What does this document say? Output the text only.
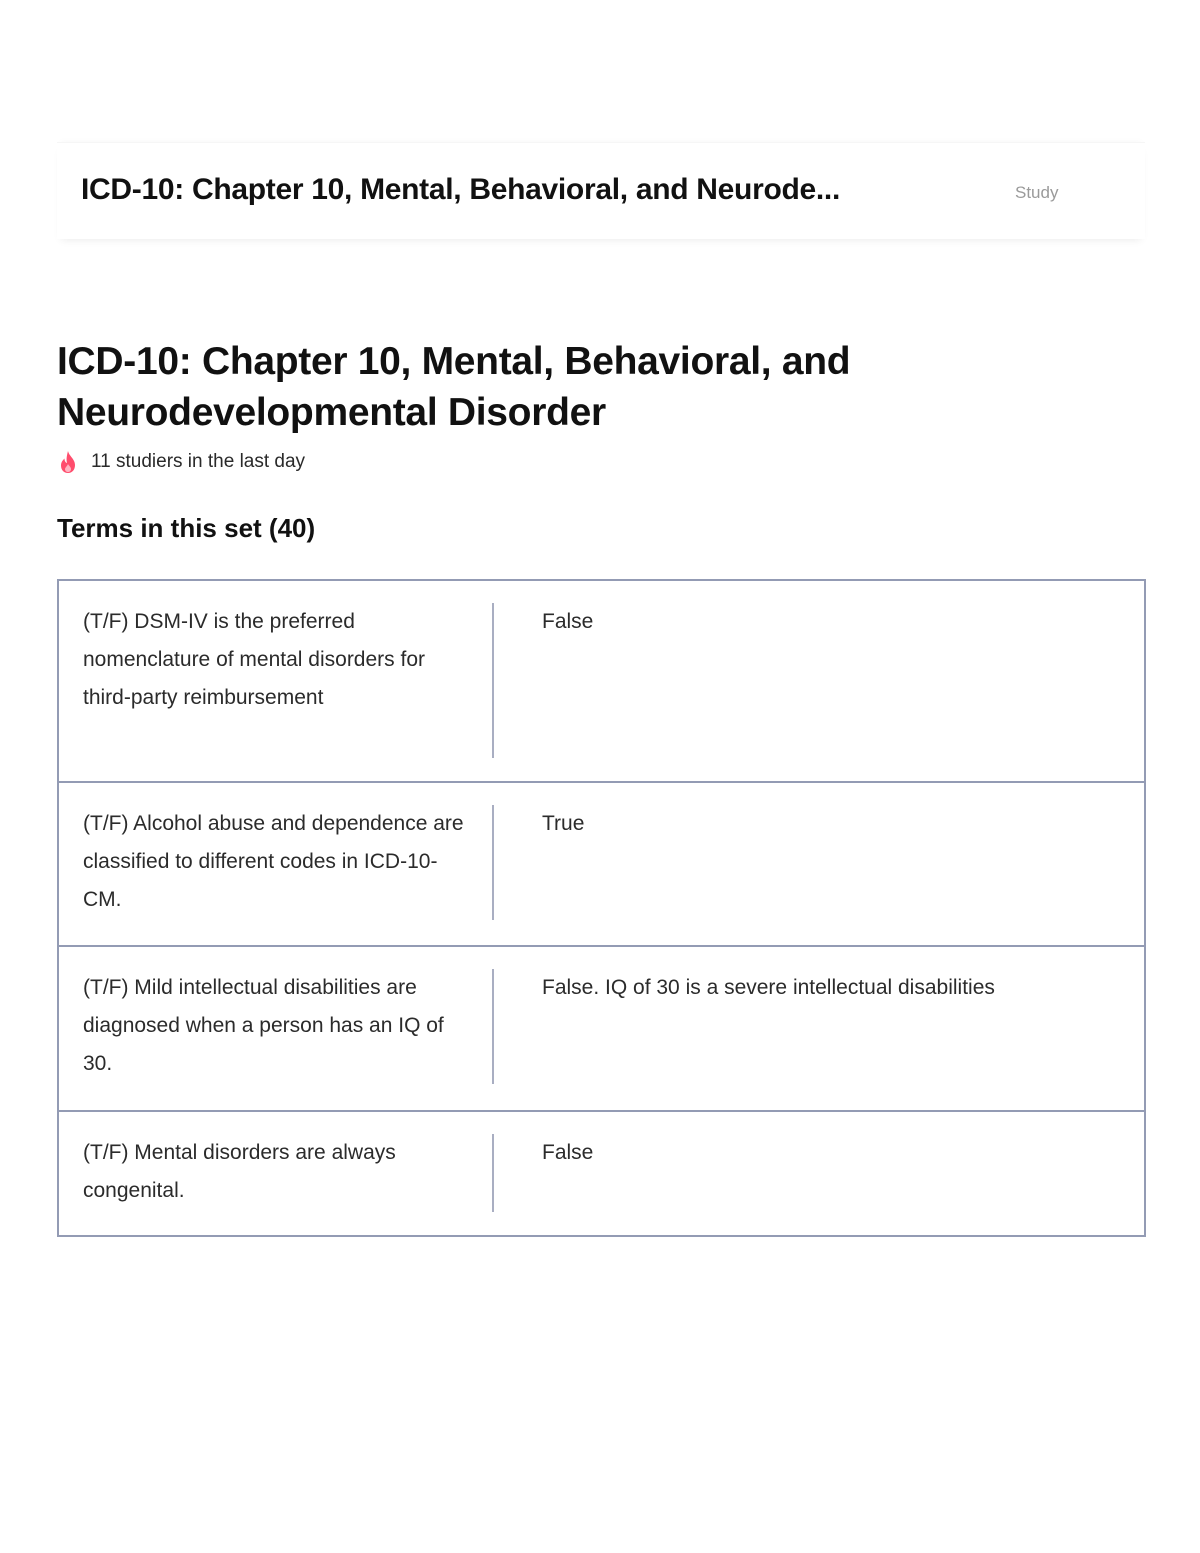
ICD-10: Chapter 10, Mental, Behavioral, and Neurode...	Study
ICD-10: Chapter 10, Mental, Behavioral, and Neurodevelopmental Disorder
11 studiers in the last day
Terms in this set (40)
(T/F) DSM-IV is the preferred nomenclature of mental disorders for third-party reimbursement
False
(T/F) Alcohol abuse and dependence are classified to different codes in ICD-10-CM.
True
(T/F) Mild intellectual disabilities are diagnosed when a person has an IQ of 30.
False. IQ of 30 is a severe intellectual disabilities
(T/F) Mental disorders are always congenital.
False
